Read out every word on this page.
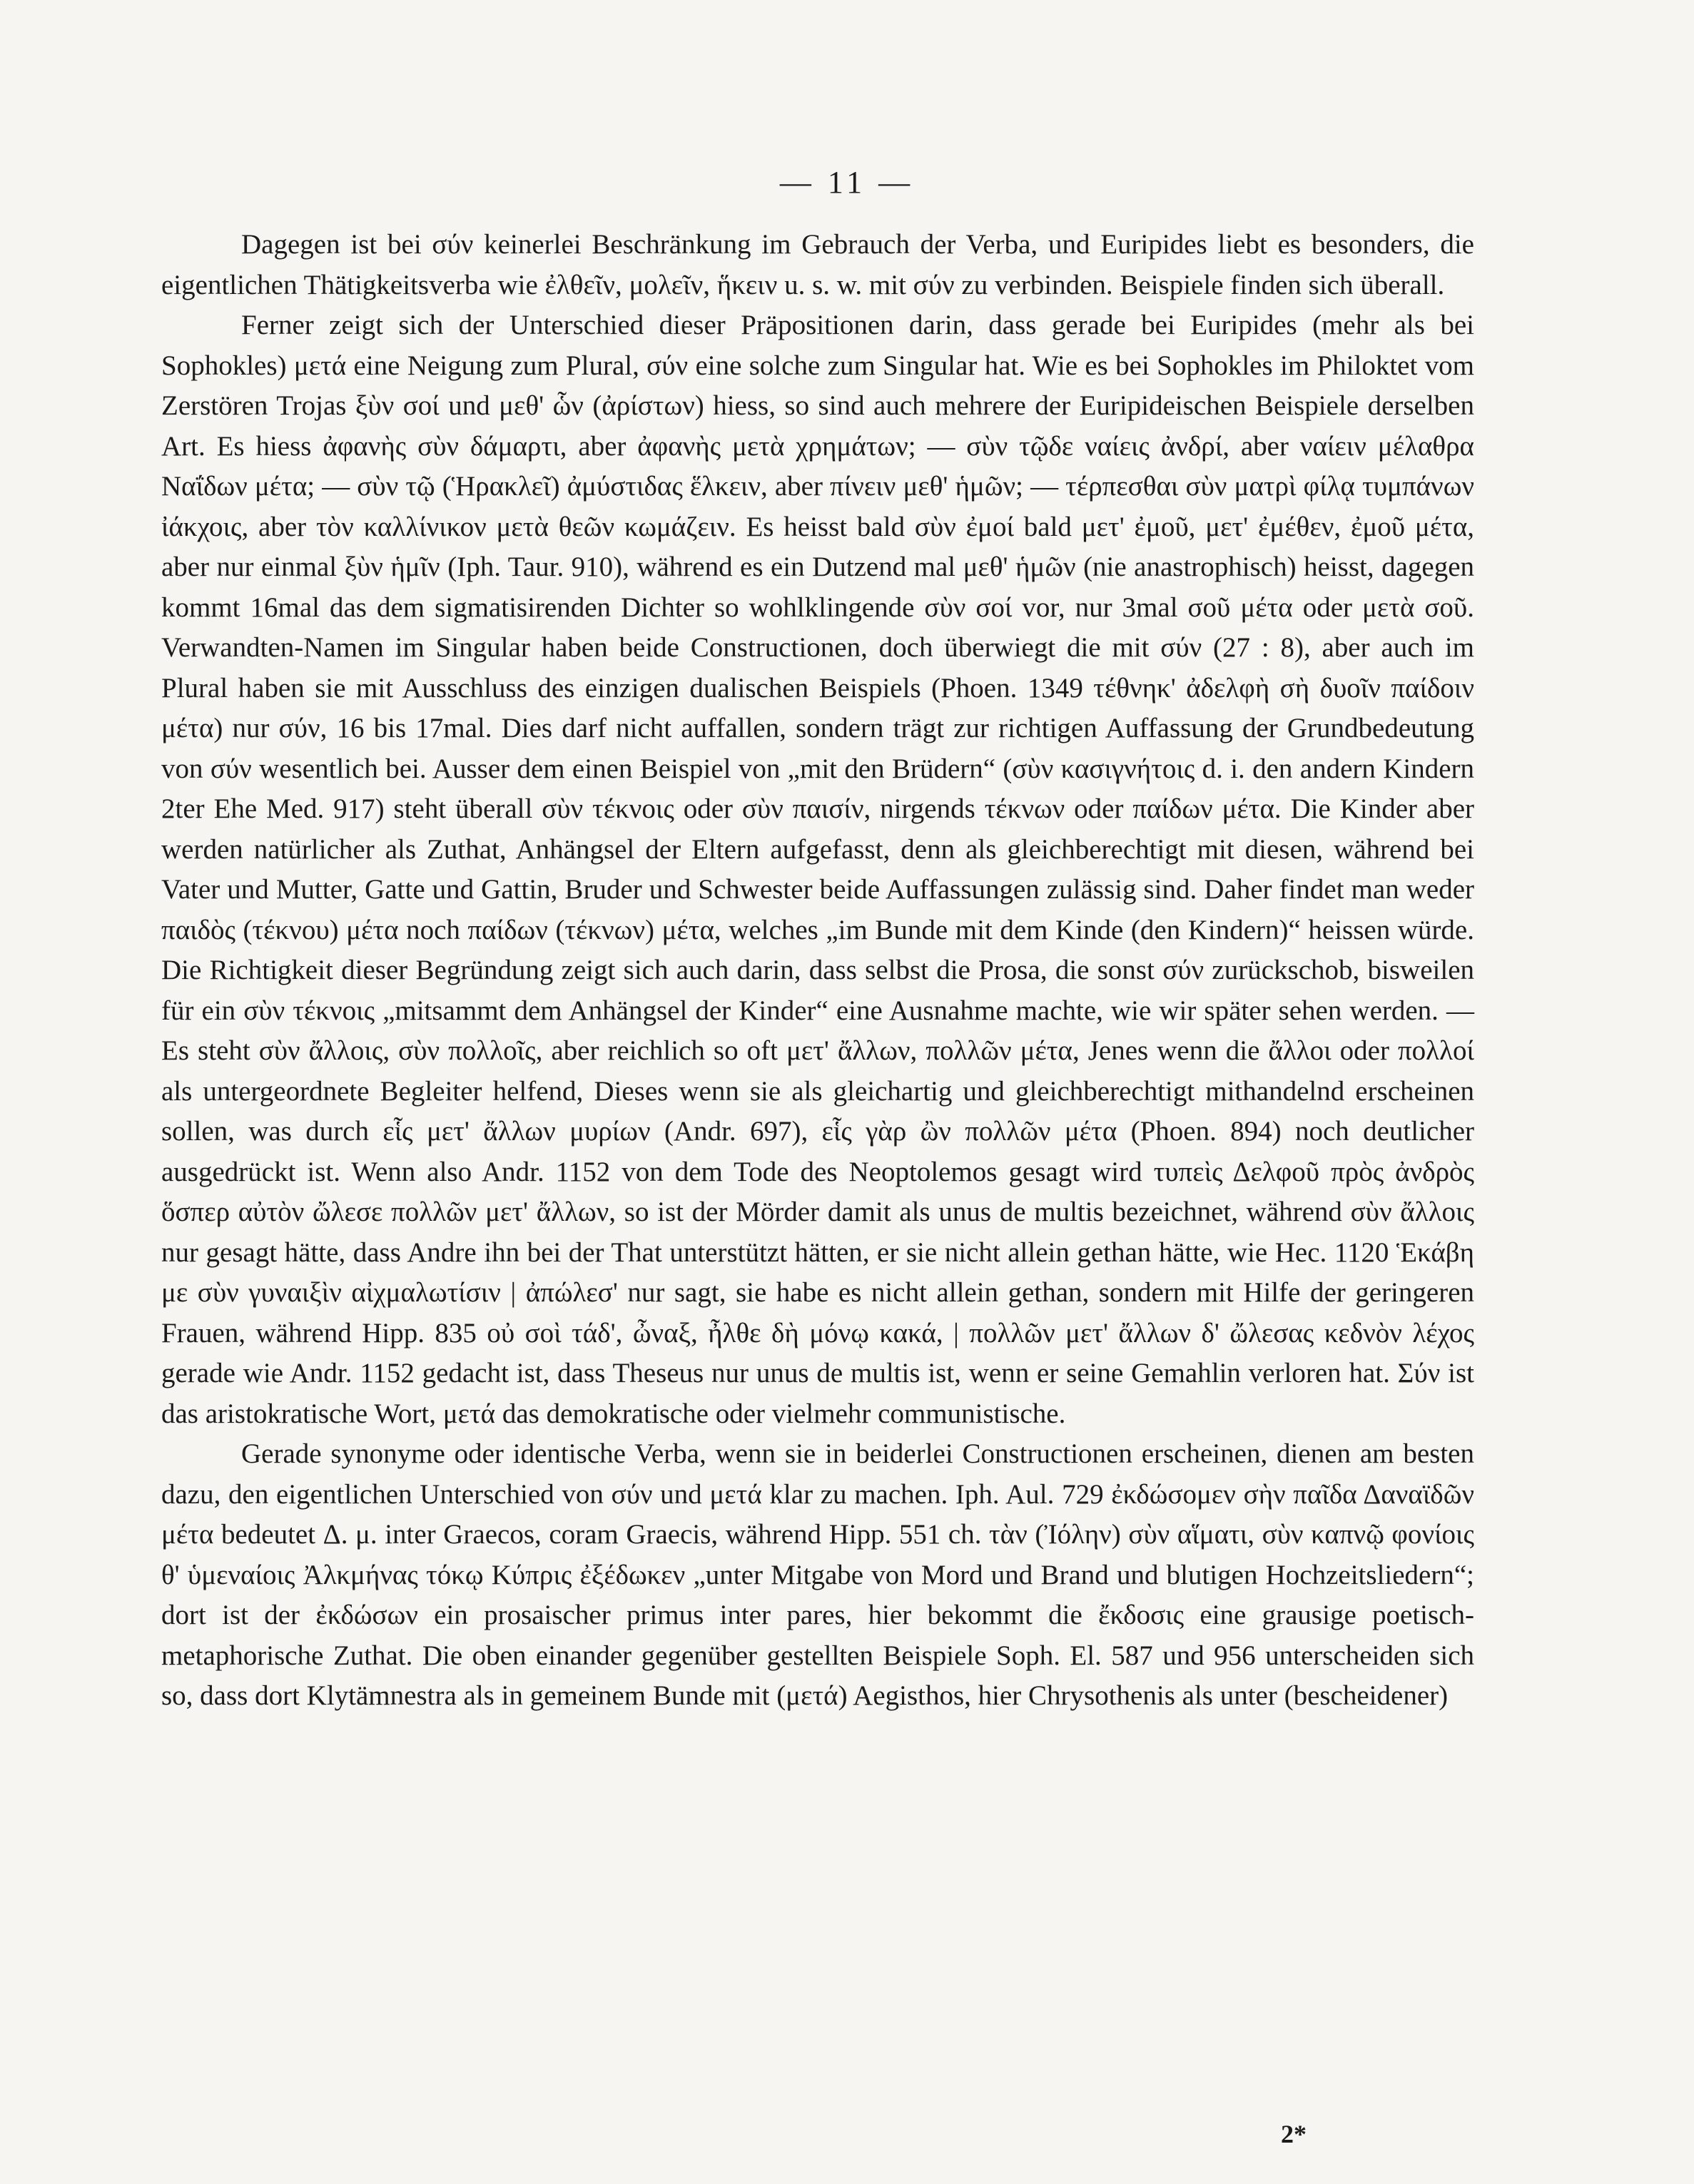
— 11 —

Dagegen ist bei σύν keinerlei Beschränkung im Gebrauch der Verba, und Euripides liebt es besonders, die eigentlichen Thätigkeitsverba wie ἐλθεῖν, μολεῖν, ἥκειν u. s. w. mit σύν zu verbinden. Beispiele finden sich überall.

Ferner zeigt sich der Unterschied dieser Präpositionen darin, dass gerade bei Euripides (mehr als bei Sophokles) μετά eine Neigung zum Plural, σύν eine solche zum Singular hat. Wie es bei Sophokles im Philoktet vom Zerstören Trojas ξὺν σοί und μεθ' ὧν (ἀρίστων) hiess, so sind auch mehrere der Euripideischen Beispiele derselben Art. Es hiess ἀφανὴς σὺν δάμαρτι, aber ἀφανὴς μετὰ χρημάτων; — σὺν τῷδε ναίεις ἀνδρί, aber ναίειν μέλαθρα Ναΐδων μέτα; — σὺν τῷ (Ἡρακλεῖ) ἀμύστιδας ἕλκειν, aber πίνειν μεθ' ἡμῶν; — τέρπεσθαι σὺν ματρὶ φίλᾳ τυμπάνων ἰάκχοις, aber τὸν καλλίνικον μετὰ θεῶν κωμάζειν. Es heisst bald σὺν ἐμοί bald μετ' ἐμοῦ, μετ' ἐμέθεν, ἐμοῦ μέτα, aber nur einmal ξὺν ἡμῖν (Iph. Taur. 910), während es ein Dutzend mal μεθ' ἡμῶν (nie anastrophisch) heisst, dagegen kommt 16mal das dem sigmatisirenden Dichter so wohlklingende σὺν σοί vor, nur 3mal σοῦ μέτα oder μετὰ σοῦ. Verwandten-Namen im Singular haben beide Constructionen, doch überwiegt die mit σύν (27 : 8), aber auch im Plural haben sie mit Ausschluss des einzigen dualischen Beispiels (Phoen. 1349 τέθνηκ' ἀδελφὴ σὴ δυοῖν παίδοιν μέτα) nur σύν, 16 bis 17mal. Dies darf nicht auffallen, sondern trägt zur richtigen Auffassung der Grundbedeutung von σύν wesentlich bei. Ausser dem einen Beispiel von „mit den Brüdern“ (σὺν κασιγνήτοις d. i. den andern Kindern 2ter Ehe Med. 917) steht überall σὺν τέκνοις oder σὺν παισίν, nirgends τέκνων oder παίδων μέτα. Die Kinder aber werden natürlicher als Zuthat, Anhängsel der Eltern aufgefasst, denn als gleichberechtigt mit diesen, während bei Vater und Mutter, Gatte und Gattin, Bruder und Schwester beide Auffassungen zulässig sind. Daher findet man weder παιδὸς (τέκνου) μέτα noch παίδων (τέκνων) μέτα, welches „im Bunde mit dem Kinde (den Kindern)“ heissen würde. Die Richtigkeit dieser Begründung zeigt sich auch darin, dass selbst die Prosa, die sonst σύν zurückschob, bisweilen für ein σὺν τέκνοις „mitsammt dem Anhängsel der Kinder“ eine Ausnahme machte, wie wir später sehen werden. — Es steht σὺν ἄλλοις, σὺν πολλοῖς, aber reichlich so oft μετ' ἄλλων, πολλῶν μέτα, Jenes wenn die ἄλλοι oder πολλοί als untergeordnete Begleiter helfend, Dieses wenn sie als gleichartig und gleichberechtigt mithandelnd erscheinen sollen, was durch εἷς μετ' ἄλλων μυρίων (Andr. 697), εἷς γὰρ ὢν πολλῶν μέτα (Phoen. 894) noch deutlicher ausgedrückt ist. Wenn also Andr. 1152 von dem Tode des Neoptolemos gesagt wird τυπεὶς Δελφοῦ πρὸς ἀνδρὸς ὅσπερ αὐτὸν ὤλεσε πολλῶν μετ' ἄλλων, so ist der Mörder damit als unus de multis bezeichnet, während σὺν ἄλλοις nur gesagt hätte, dass Andre ihn bei der That unterstützt hätten, er sie nicht allein gethan hätte, wie Hec. 1120 Ἑκάβη με σὺν γυναιξὶν αἰχμαλωτίσιν | ἀπώλεσ' nur sagt, sie habe es nicht allein gethan, sondern mit Hilfe der geringeren Frauen, während Hipp. 835 οὐ σοὶ τάδ', ὦναξ, ἦλθε δὴ μόνῳ κακά, | πολλῶν μετ' ἄλλων δ' ὤλεσας κεδνὸν λέχος gerade wie Andr. 1152 gedacht ist, dass Theseus nur unus de multis ist, wenn er seine Gemahlin verloren hat. Σύν ist das aristokratische Wort, μετά das demokratische oder vielmehr communistische.

Gerade synonyme oder identische Verba, wenn sie in beiderlei Constructionen erscheinen, dienen am besten dazu, den eigentlichen Unterschied von σύν und μετά klar zu machen. Iph. Aul. 729 ἐκδώσομεν σὴν παῖδα Δαναϊδῶν μέτα bedeutet Δ. μ. inter Graecos, coram Graecis, während Hipp. 551 ch. τὰν (Ἰόλην) σὺν αἵματι, σὺν καπνῷ φονίοις θ' ὑμεναίοις Ἀλκμήνας τόκῳ Κύπρις ἐξέδωκεν „unter Mitgabe von Mord und Brand und blutigen Hochzeitsliedern“; dort ist der ἐκδώσων ein prosaischer primus inter pares, hier bekommt die ἔκδοσις eine grausige poetisch-metaphorische Zuthat. Die oben einander gegenüber gestellten Beispiele Soph. El. 587 und 956 unterscheiden sich so, dass dort Klytämnestra als in gemeinem Bunde mit (μετά) Aegisthos, hier Chrysothenis als unter (bescheidener)

2*
